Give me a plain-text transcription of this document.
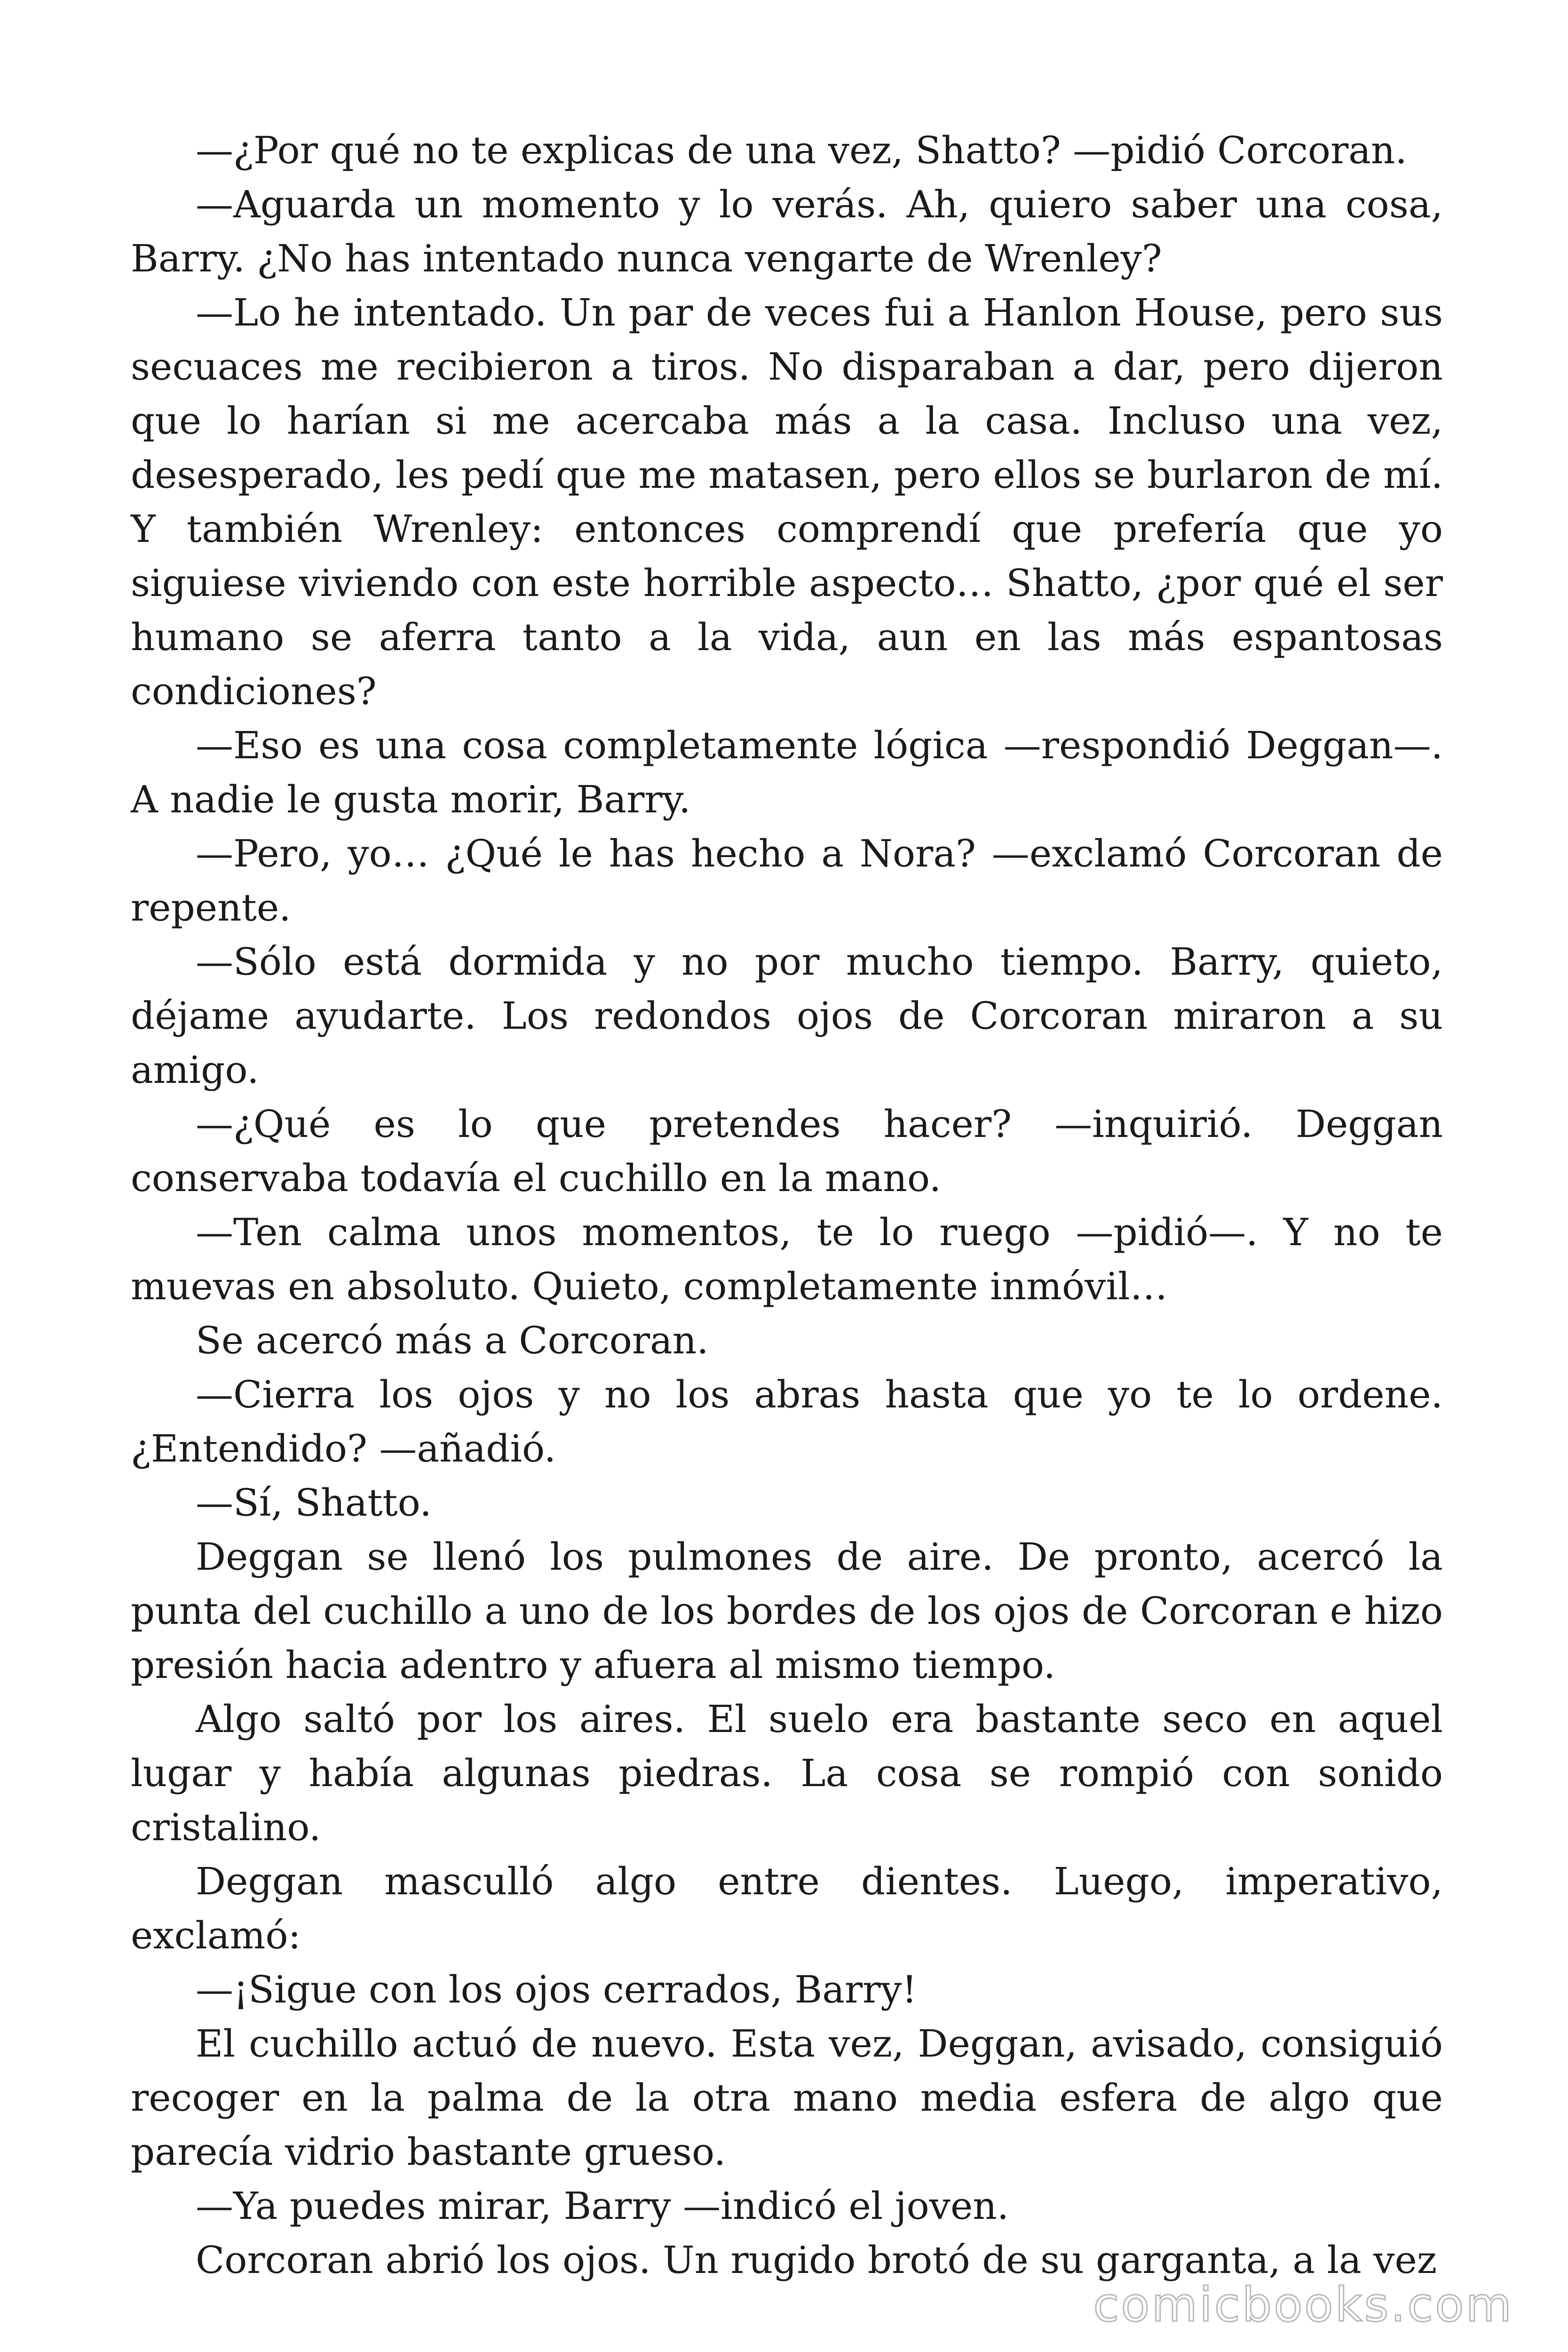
—¿Por qué no te explicas de una vez, Shatto? —pidió Corcoran.

—Aguarda un momento y lo verás. Ah, quiero saber una cosa, Barry. ¿No has intentado nunca vengarte de Wrenley?

—Lo he intentado. Un par de veces fui a Hanlon House, pero sus secuaces me recibieron a tiros. No disparaban a dar, pero dijeron que lo harían si me acercaba más a la casa. Incluso una vez, desesperado, les pedí que me matasen, pero ellos se burlaron de mí. Y también Wrenley: entonces comprendí que prefería que yo siguiese viviendo con este horrible aspecto… Shatto, ¿por qué el ser humano se aferra tanto a la vida, aun en las más espantosas condiciones?

—Eso es una cosa completamente lógica —respondió Deggan—. A nadie le gusta morir, Barry.

—Pero, yo… ¿Qué le has hecho a Nora? —exclamó Corcoran de repente.

—Sólo está dormida y no por mucho tiempo. Barry, quieto, déjame ayudarte. Los redondos ojos de Corcoran miraron a su amigo.

—¿Qué es lo que pretendes hacer? —inquirió. Deggan conservaba todavía el cuchillo en la mano.

—Ten calma unos momentos, te lo ruego —pidió—. Y no te muevas en absoluto. Quieto, completamente inmóvil…

Se acercó más a Corcoran.

—Cierra los ojos y no los abras hasta que yo te lo ordene. ¿Entendido? —añadió.

—Sí, Shatto.

Deggan se llenó los pulmones de aire. De pronto, acercó la punta del cuchillo a uno de los bordes de los ojos de Corcoran e hizo presión hacia adentro y afuera al mismo tiempo.

Algo saltó por los aires. El suelo era bastante seco en aquel lugar y había algunas piedras. La cosa se rompió con sonido cristalino.

Deggan masculló algo entre dientes. Luego, imperativo, exclamó:

—¡Sigue con los ojos cerrados, Barry!

El cuchillo actuó de nuevo. Esta vez, Deggan, avisado, consiguió recoger en la palma de la otra mano media esfera de algo que parecía vidrio bastante grueso.

—Ya puedes mirar, Barry —indicó el joven.

Corcoran abrió los ojos. Un rugido brotó de su garganta, a la vez

comicbooks.com
